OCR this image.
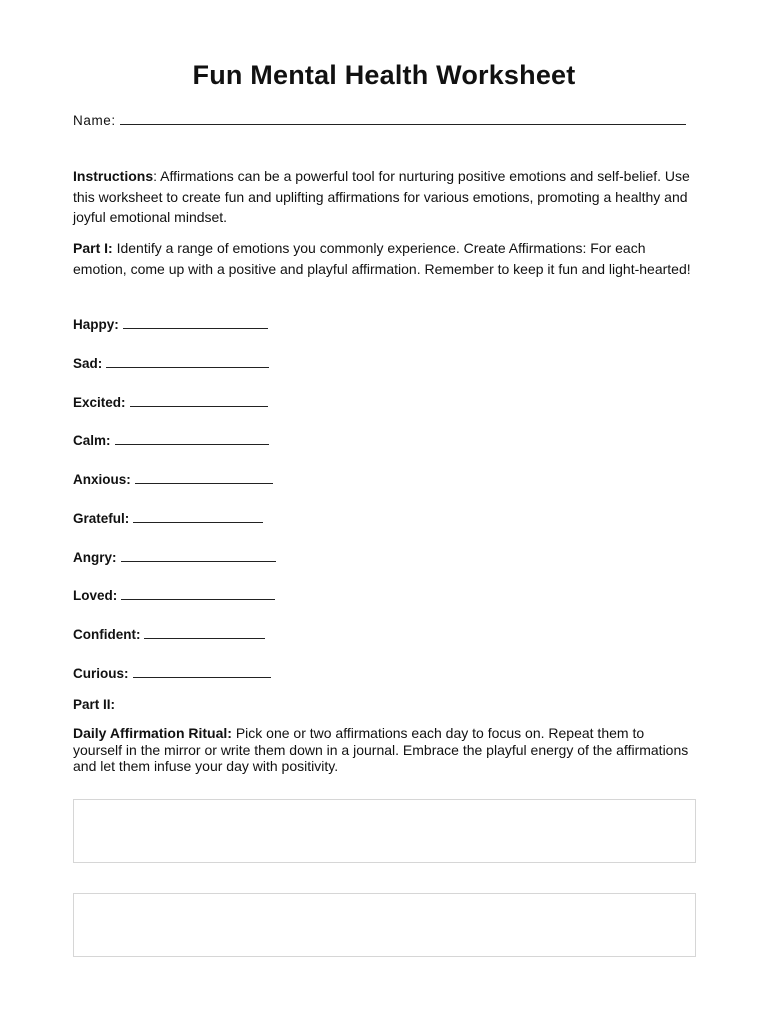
Fun Mental Health Worksheet
Name:
Instructions: Affirmations can be a powerful tool for nurturing positive emotions and self-belief. Use this worksheet to create fun and uplifting affirmations for various emotions, promoting a healthy and joyful emotional mindset.
Part I: Identify a range of emotions you commonly experience. Create Affirmations: For each emotion, come up with a positive and playful affirmation. Remember to keep it fun and light-hearted!
Happy:
Sad:
Excited:
Calm:
Anxious:
Grateful:
Angry:
Loved:
Confident:
Curious:
Part II:
Daily Affirmation Ritual: Pick one or two affirmations each day to focus on. Repeat them to yourself in the mirror or write them down in a journal. Embrace the playful energy of the affirmations and let them infuse your day with positivity.
